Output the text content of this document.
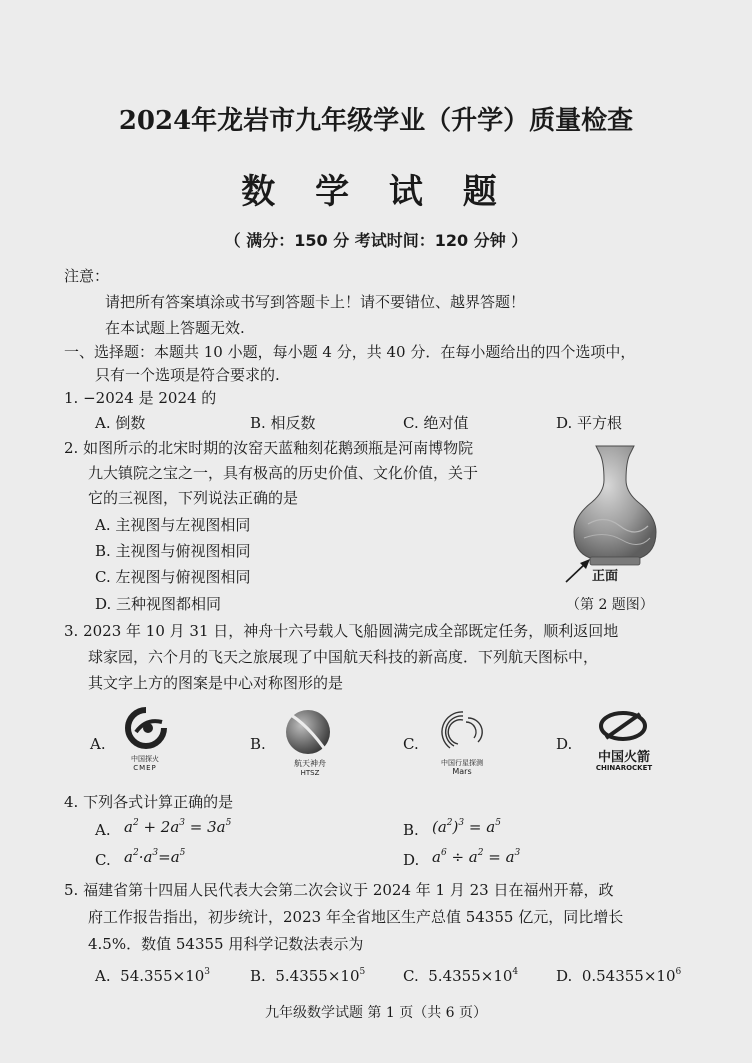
2024年龙岩市九年级学业（升学）质量检查
数 学 试 题
（ 满分：150 分 考试时间：120 分钟 ）
注意：
请把所有答案填涂或书写到答题卡上！请不要错位、越界答题！
在本试题上答题无效.
一、选择题：本题共 10 小题，每小题 4 分，共 40 分．在每小题给出的四个选项中，
只有一个选项是符合要求的.
1. −2024 是 2024 的
A. 倒数	B. 相反数	C. 绝对值	D. 平方根
2. 如图所示的北宋时期的汝窑天蓝釉刻花鹅颈瓶是河南博物院
九大镇院之宝之一，具有极高的历史价值、文化价值，关于
它的三视图，下列说法正确的是
A. 主视图与左视图相同
B. 主视图与俯视图相同
C. 左视图与俯视图相同
D. 三种视图都相同
正面
（第 2 题图）
3. 2023 年 10 月 31 日，神舟十六号载人飞船圆满完成全部既定任务，顺利返回地
球家园，六个月的飞天之旅展现了中国航天科技的新高度．下列航天图标中，
其文字上方的图案是中心对称图形的是
A.
中国探火
CMEP
B.
航天神舟
HTSZ
C.
中国行星探测
Mars
D.
中国火箭
CHINAROCKET
4. 下列各式计算正确的是
A. $a^2 + 2a^3 = 3a^5$	B. $(a^2)^3 = a^5$
C. $a^2\cdot a^3=a^5$	D. $a^6 \div a^2 = a^3$
5. 福建省第十四届人民代表大会第二次会议于 2024 年 1 月 23 日在福州开幕，政
府工作报告指出，初步统计，2023 年全省地区生产总值 54355 亿元，同比增长
4.5%．数值 54355 用科学记数法表示为
A. $54.355\times 10^3$	B. $5.4355\times 10^5$	C. $5.4355\times 10^4$	D. $0.54355\times 10^6$
九年级数学试题 第 1 页（共 6 页）
